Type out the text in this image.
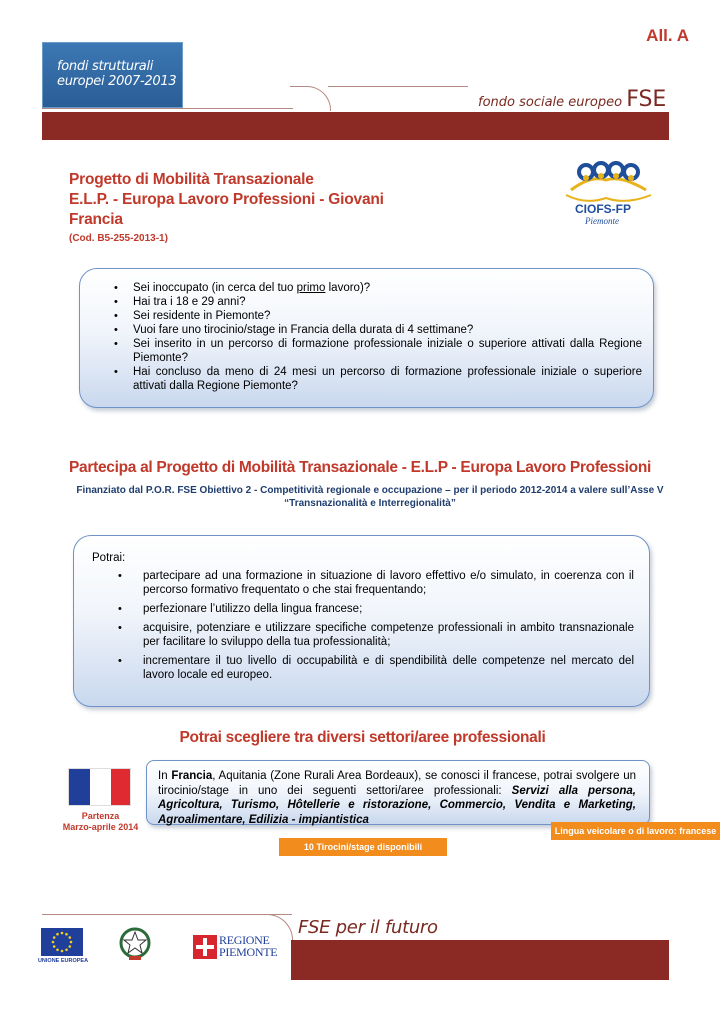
fondi strutturali
europei 2007-2013
All. A
fondo sociale europeo FSE
Progetto di Mobilità Transazionale
E.L.P. - Europa Lavoro Professioni - Giovani
Francia
(Cod. B5-255-2013-1)
CIOFS-FP
Piemonte
• Sei inoccupato (in cerca del tuo primo lavoro)?
• Hai tra i 18 e 29 anni?
• Sei residente in Piemonte?
• Vuoi fare uno tirocinio/stage in Francia della durata di 4 settimane?
• Sei inserito in un percorso di formazione professionale iniziale o superiore attivati dalla Regione Piemonte?
• Hai concluso da meno di 24 mesi un percorso di formazione professionale iniziale o superiore attivati dalla Regione Piemonte?
Partecipa al Progetto di Mobilità Transazionale - E.L.P - Europa Lavoro Professioni
Finanziato dal P.O.R. FSE Obiettivo 2 - Competitività regionale e occupazione – per il periodo 2012-2014 a valere sull’Asse V
“Transnazionalità e Interregionalità”
Potrai:
• partecipare ad una formazione in situazione di lavoro effettivo e/o simulato, in coerenza con il percorso formativo frequentato o che stai frequentando;
• perfezionare l’utilizzo della lingua francese;
• acquisire, potenziare e utilizzare specifiche competenze professionali in ambito transnazionale per facilitare lo sviluppo della tua professionalità;
• incrementare il tuo livello di occupabilità e di spendibilità delle competenze nel mercato del lavoro locale ed europeo.
Potrai scegliere tra diversi settori/aree professionali
Partenza
Marzo-aprile 2014
In Francia, Aquitania (Zone Rurali Area Bordeaux), se conosci il francese, potrai svolgere un tirocinio/stage in uno dei seguenti settori/aree professionali: Servizi alla persona, Agricoltura, Turismo, Hôtellerie e ristorazione, Commercio, Vendita e Marketing, Agroalimentare, Edilizia - impiantistica
Lingua veicolare o di lavoro: francese
10 Tirocini/stage disponibili
FSE per il futuro
UNIONE EUROPEA
REGIONE
PIEMONTE
